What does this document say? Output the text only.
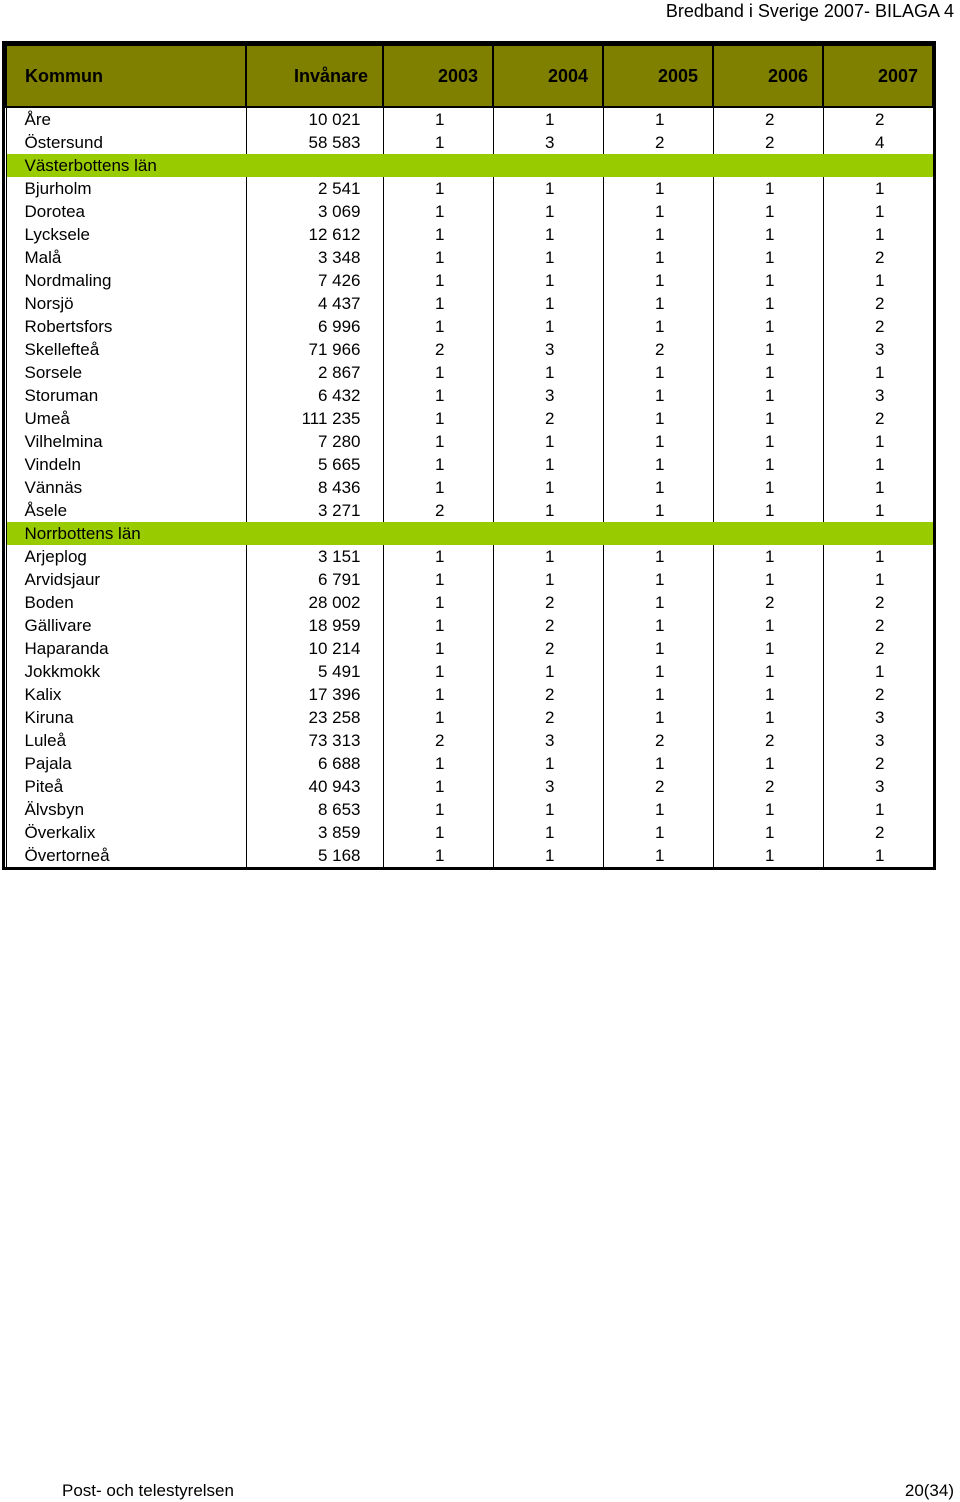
Bredband i Sverige 2007- BILAGA 4
Kommun	Invånare	2003	2004	2005	2006	2007
Åre	10 021	1	1	1	2	2
Östersund	58 583	1	3	2	2	4
Västerbottens län						
Bjurholm	2 541	1	1	1	1	1
Dorotea	3 069	1	1	1	1	1
Lycksele	12 612	1	1	1	1	1
Malå	3 348	1	1	1	1	2
Nordmaling	7 426	1	1	1	1	1
Norsjö	4 437	1	1	1	1	2
Robertsfors	6 996	1	1	1	1	2
Skellefteå	71 966	2	3	2	1	3
Sorsele	2 867	1	1	1	1	1
Storuman	6 432	1	3	1	1	3
Umeå	111 235	1	2	1	1	2
Vilhelmina	7 280	1	1	1	1	1
Vindeln	5 665	1	1	1	1	1
Vännäs	8 436	1	1	1	1	1
Åsele	3 271	2	1	1	1	1
Norrbottens län						
Arjeplog	3 151	1	1	1	1	1
Arvidsjaur	6 791	1	1	1	1	1
Boden	28 002	1	2	1	2	2
Gällivare	18 959	1	2	1	1	2
Haparanda	10 214	1	2	1	1	2
Jokkmokk	5 491	1	1	1	1	1
Kalix	17 396	1	2	1	1	2
Kiruna	23 258	1	2	1	1	3
Luleå	73 313	2	3	2	2	3
Pajala	6 688	1	1	1	1	2
Piteå	40 943	1	3	2	2	3
Älvsbyn	8 653	1	1	1	1	1
Överkalix	3 859	1	1	1	1	2
Övertorneå	5 168	1	1	1	1	1
Post- och telestyrelsen	20(34)
